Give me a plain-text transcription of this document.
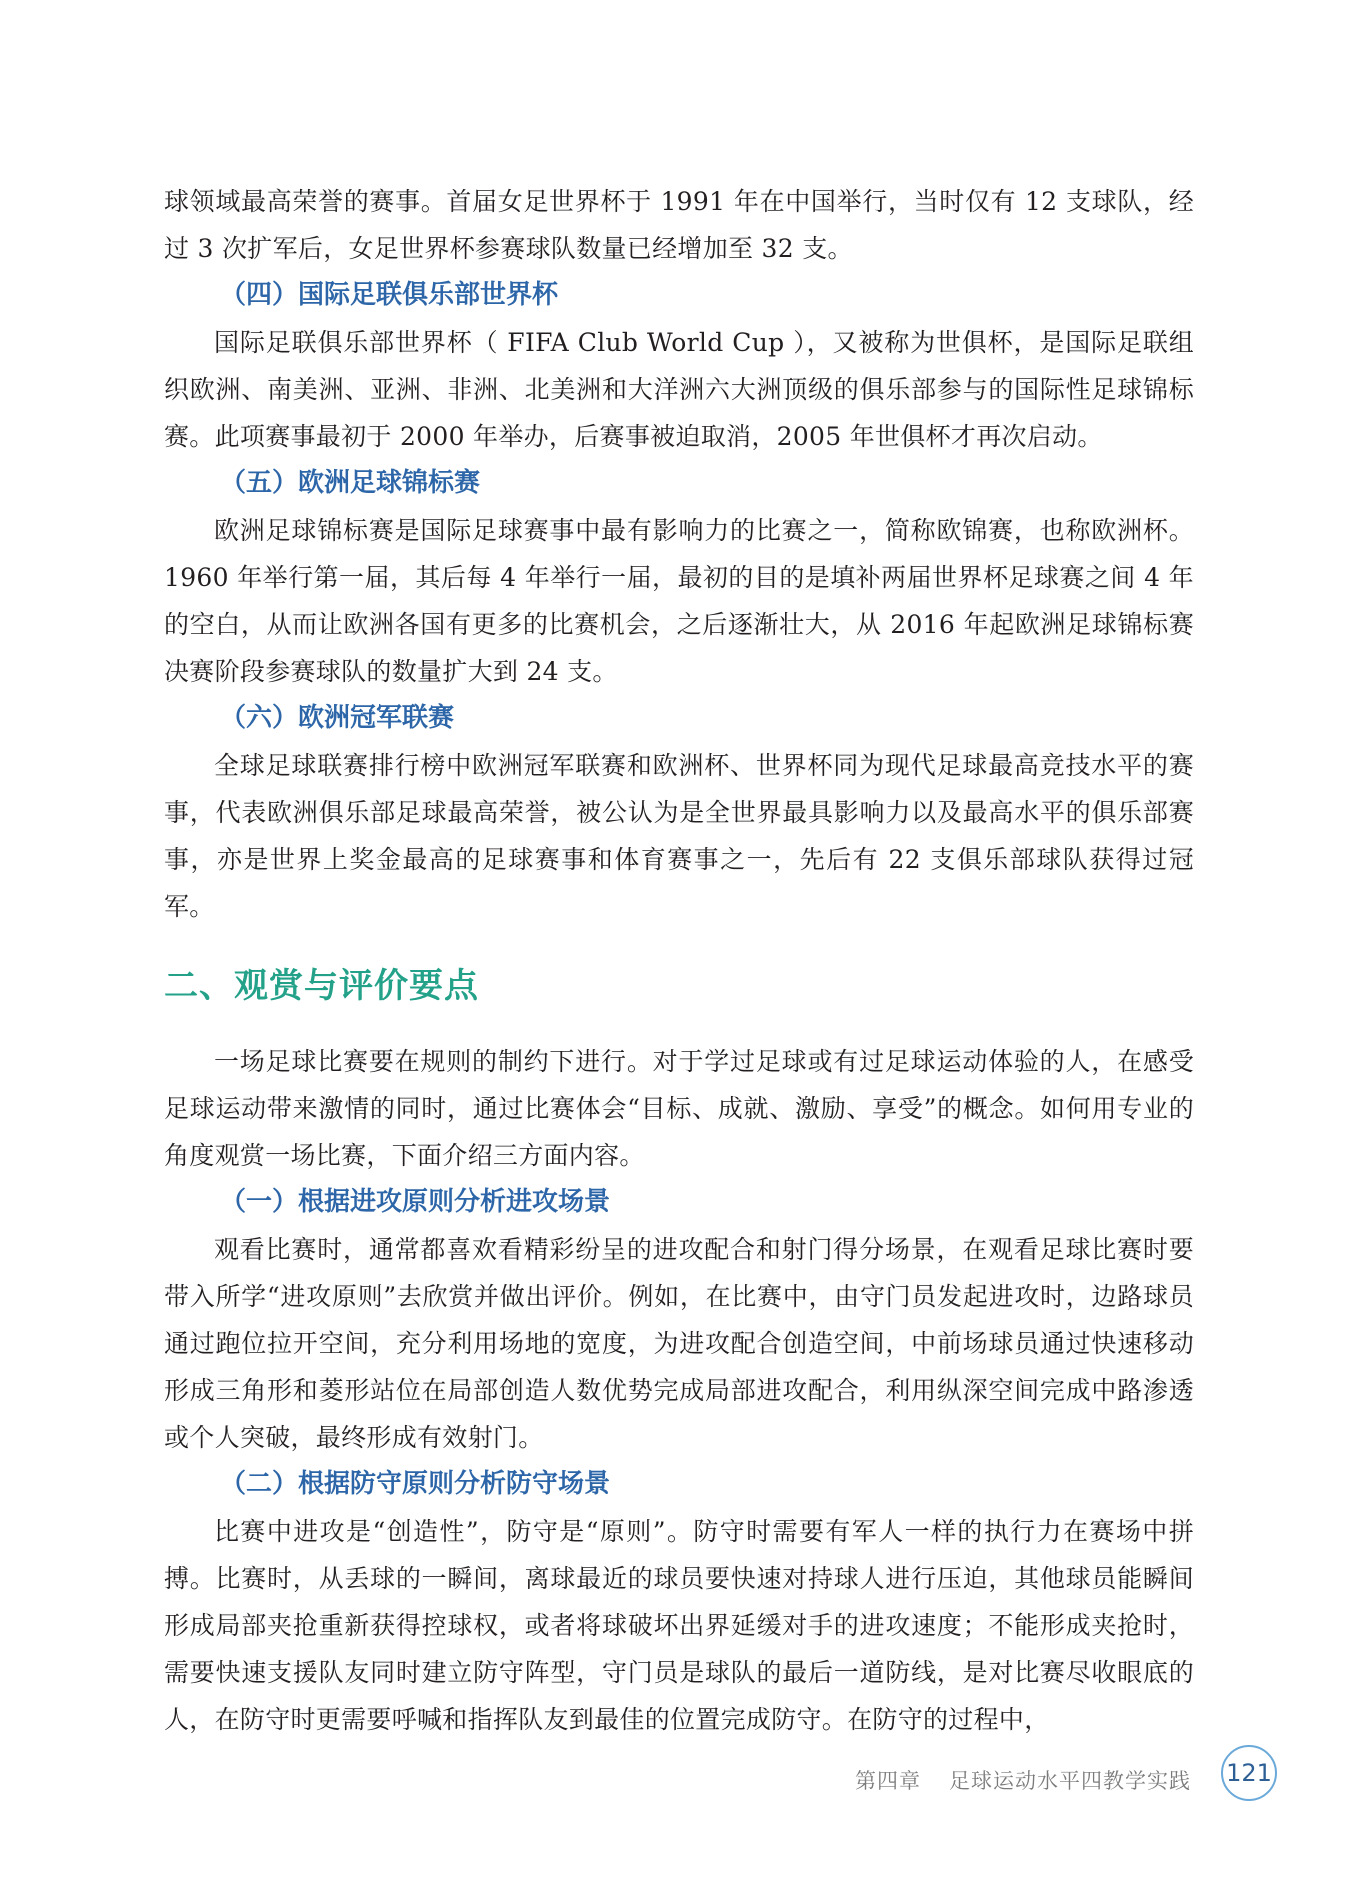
球领域最高荣誉的赛事。首届女足世界杯于 1991 年在中国举行，当时仅有 12 支球队，经过 3 次扩军后，女足世界杯参赛球队数量已经增加至 32 支。

（四）国际足联俱乐部世界杯

国际足联俱乐部世界杯（ FIFA Club World Cup ），又被称为世俱杯，是国际足联组织欧洲、南美洲、亚洲、非洲、北美洲和大洋洲六大洲顶级的俱乐部参与的国际性足球锦标赛。此项赛事最初于 2000 年举办，后赛事被迫取消，2005 年世俱杯才再次启动。

（五）欧洲足球锦标赛

欧洲足球锦标赛是国际足球赛事中最有影响力的比赛之一，简称欧锦赛，也称欧洲杯。1960 年举行第一届，其后每 4 年举行一届，最初的目的是填补两届世界杯足球赛之间 4 年的空白，从而让欧洲各国有更多的比赛机会，之后逐渐壮大，从 2016 年起欧洲足球锦标赛决赛阶段参赛球队的数量扩大到 24 支。

（六）欧洲冠军联赛

全球足球联赛排行榜中欧洲冠军联赛和欧洲杯、世界杯同为现代足球最高竞技水平的赛事，代表欧洲俱乐部足球最高荣誉，被公认为是全世界最具影响力以及最高水平的俱乐部赛事，亦是世界上奖金最高的足球赛事和体育赛事之一，先后有 22 支俱乐部球队获得过冠军。

二、观赏与评价要点

一场足球比赛要在规则的制约下进行。对于学过足球或有过足球运动体验的人，在感受足球运动带来激情的同时，通过比赛体会“目标、成就、激励、享受”的概念。如何用专业的角度观赏一场比赛，下面介绍三方面内容。

（一）根据进攻原则分析进攻场景

观看比赛时，通常都喜欢看精彩纷呈的进攻配合和射门得分场景，在观看足球比赛时要带入所学“进攻原则”去欣赏并做出评价。例如，在比赛中，由守门员发起进攻时，边路球员通过跑位拉开空间，充分利用场地的宽度，为进攻配合创造空间，中前场球员通过快速移动形成三角形和菱形站位在局部创造人数优势完成局部进攻配合，利用纵深空间完成中路渗透或个人突破，最终形成有效射门。

（二）根据防守原则分析防守场景

比赛中进攻是“创造性”，防守是“原则”。防守时需要有军人一样的执行力在赛场中拼搏。比赛时，从丢球的一瞬间，离球最近的球员要快速对持球人进行压迫，其他球员能瞬间形成局部夹抢重新获得控球权，或者将球破坏出界延缓对手的进攻速度；不能形成夹抢时，需要快速支援队友同时建立防守阵型，守门员是球队的最后一道防线，是对比赛尽收眼底的人，在防守时更需要呼喊和指挥队友到最佳的位置完成防守。在防守的过程中，

第四章 足球运动水平四教学实践 121
